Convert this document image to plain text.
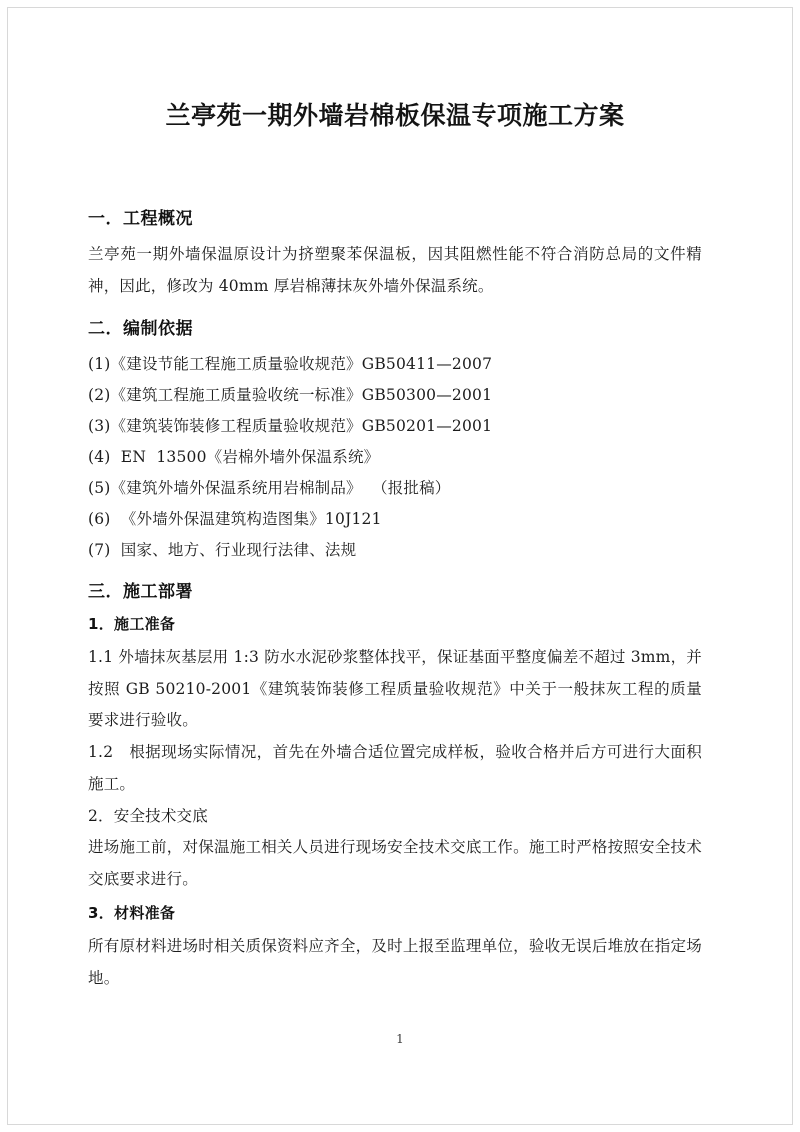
兰亭苑一期外墙岩棉板保温专项施工方案
一．工程概况

兰亭苑一期外墙保温原设计为挤塑聚苯保温板，因其阻燃性能不符合消防总局的文件精神，因此，修改为 40mm 厚岩棉薄抹灰外墙外保温系统。

二．编制依据
(1)《建设节能工程施工质量验收规范》GB50411—2007
(2)《建筑工程施工质量验收统一标准》GB50300—2001
(3)《建筑装饰装修工程质量验收规范》GB50201—2001
(4)  EN  13500《岩棉外墙外保温系统》
(5)《建筑外墙外保温系统用岩棉制品》  （报批稿）
(6)  《外墙外保温建筑构造图集》10J121
(7)  国家、地方、行业现行法律、法规
三．施工部署
1．施工准备

1.1 外墙抹灰基层用 1:3 防水水泥砂浆整体找平，保证基面平整度偏差不超过 3mm，并按照 GB 50210-2001《建筑装饰装修工程质量验收规范》中关于一般抹灰工程的质量要求进行验收。

1.2　根据现场实际情况，首先在外墙合适位置完成样板，验收合格并后方可进行大面积施工。

2．安全技术交底

进场施工前，对保温施工相关人员进行现场安全技术交底工作。施工时严格按照安全技术交底要求进行。

3．材料准备

所有原材料进场时相关质保资料应齐全，及时上报至监理单位，验收无误后堆放在指定场地。

1
